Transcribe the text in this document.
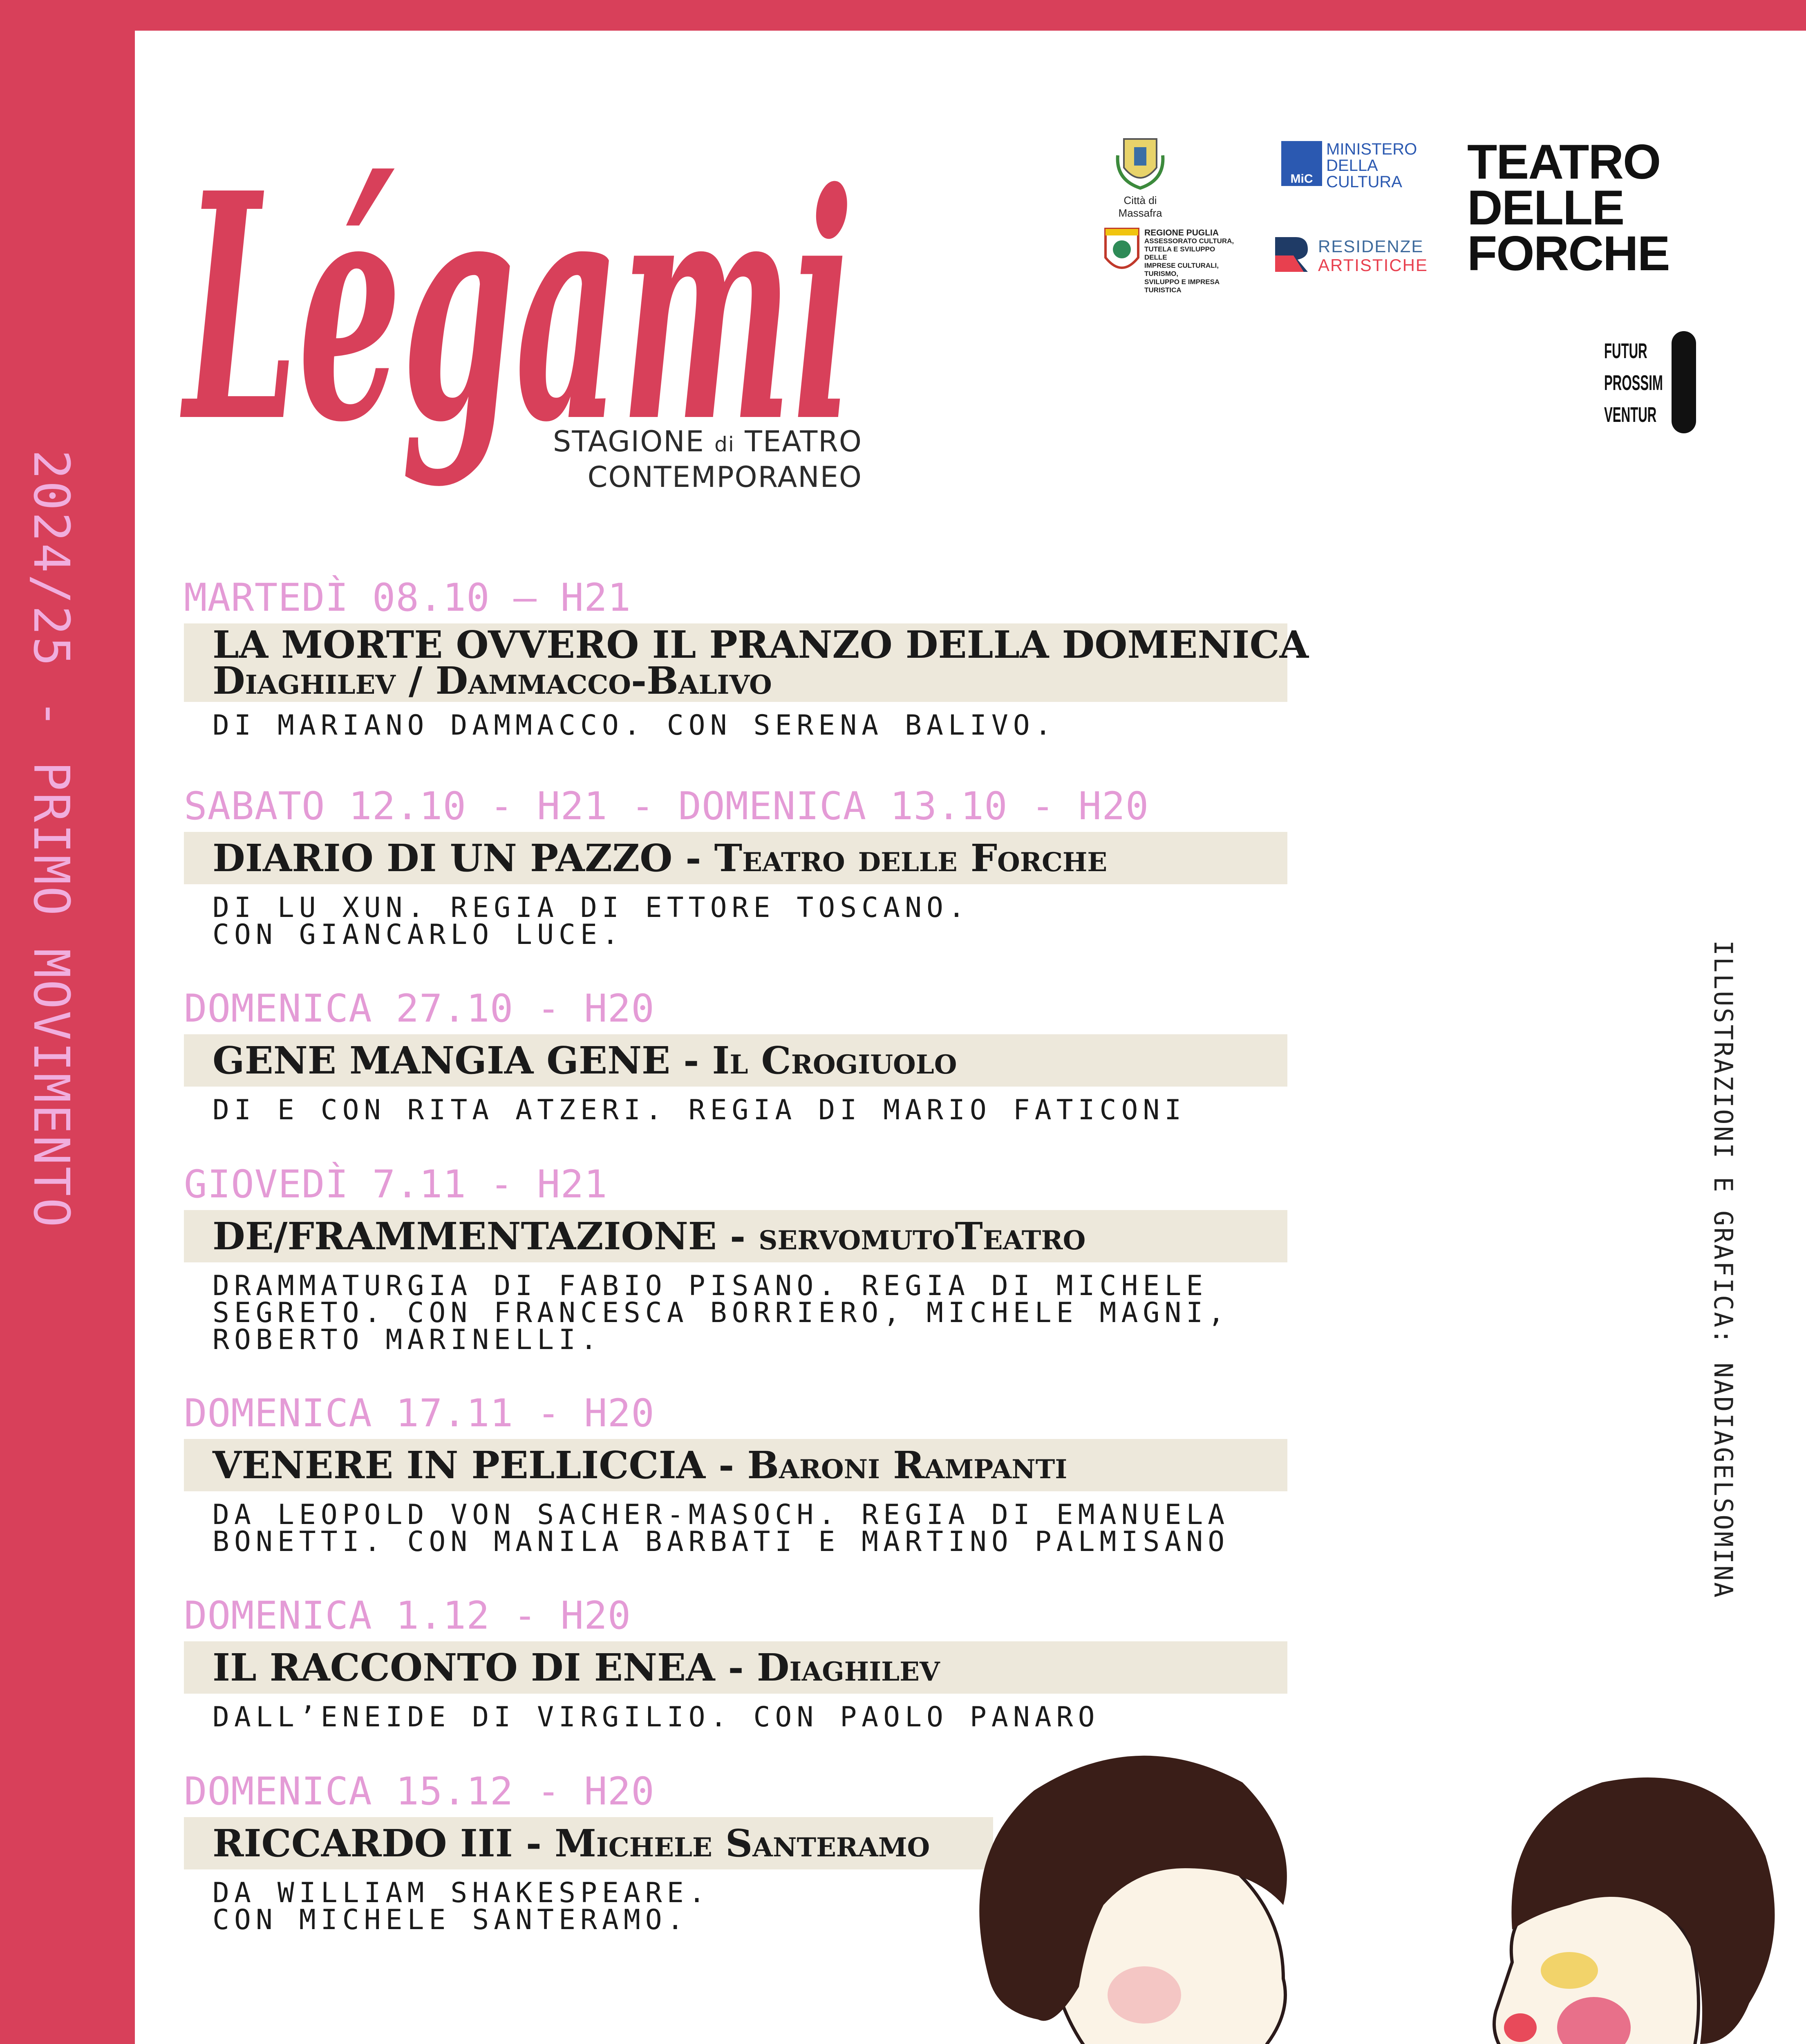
2024/25 - PRIMO MOVIMENTO
ILLUSTRAZIONI E GRAFICA: NADIAGELSOMINA
Légami
STAGIONE di TEATRO
CONTEMPORANEO
Città di Massafra
REGIONE PUGLIA
ASSESSORATO CULTURA,
TUTELA E SVILUPPO DELLE
IMPRESE CULTURALI, TURISMO,
SVILUPPO E IMPRESA TURISTICA
MiC
MINISTERO
DELLA
CULTURA
RESIDENZE
ARTISTICHE
TEATRO
DELLE
FORCHE
FUTUR
PROSSIM
VENTUR
MARTEDÌ 08.10 — H21
LA MORTE OVVERO IL PRANZO DELLA DOMENICA
Diaghilev / Dammacco-Balivo
DI MARIANO DAMMACCO. CON SERENA BALIVO.
SABATO 12.10 - H21 - DOMENICA 13.10 - H20
DIARIO DI UN PAZZO - Teatro delle Forche
DI LU XUN. REGIA DI ETTORE TOSCANO.
CON GIANCARLO LUCE.
DOMENICA 27.10 - H20
GENE MANGIA GENE - Il Crogiuolo
DI E CON RITA ATZERI. REGIA DI MARIO FATICONI
GIOVEDÌ 7.11 - H21
DE/FRAMMENTAZIONE - servomutoTeatro
DRAMMATURGIA DI FABIO PISANO. REGIA DI MICHELE
SEGRETO. CON FRANCESCA BORRIERO, MICHELE MAGNI,
ROBERTO MARINELLI.
DOMENICA 17.11 - H20
VENERE IN PELLICCIA - Baroni Rampanti
DA LEOPOLD VON SACHER-MASOCH. REGIA DI EMANUELA
BONETTI. CON MANILA BARBATI E MARTINO PALMISANO
DOMENICA 1.12 - H20
IL RACCONTO DI ENEA - Diaghilev
DALL’ENEIDE DI VIRGILIO. CON PAOLO PANARO
DOMENICA 15.12 - H20
RICCARDO III - Michele Santeramo
DA WILLIAM SHAKESPEARE.
CON MICHELE SANTERAMO.
